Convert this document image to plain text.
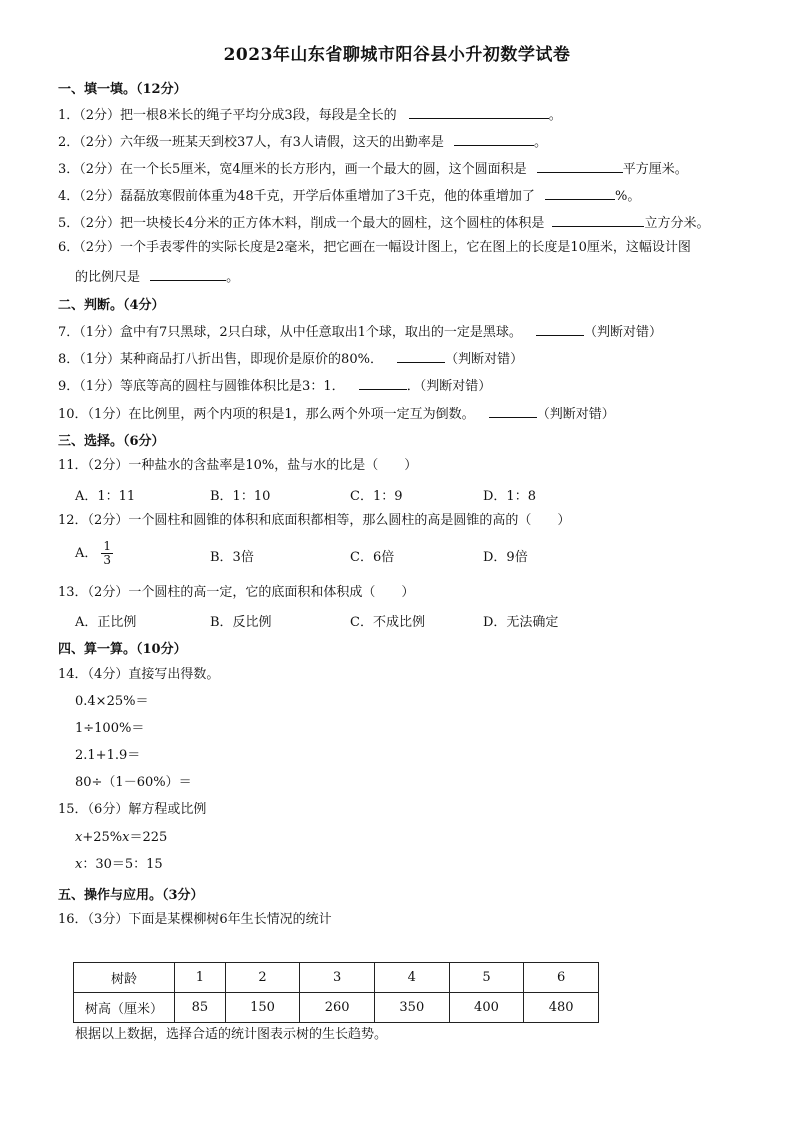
2023年山东省聊城市阳谷县小升初数学试卷
一、填一填。（12分）
1．（2分）把一根8米长的绳子平均分成3段，每段是全长的	。
2．（2分）六年级一班某天到校37人，有3人请假，这天的出勤率是	。
3．（2分）在一个长5厘米，宽4厘米的长方形内，画一个最大的圆，这个圆面积是	平方厘米。
4．（2分）磊磊放寒假前体重为48千克，开学后体重增加了3千克，他的体重增加了	%。
5．（2分）把一块棱长4分米的正方体木料，削成一个最大的圆柱，这个圆柱的体积是	立方分米。
6．（2分）一个手表零件的实际长度是2毫米，把它画在一幅设计图上，它在图上的长度是10厘米，这幅设计图
的比例尺是	。
二、判断。（4分）
7．（1分）盒中有7只黑球，2只白球，从中任意取出1个球，取出的一定是黑球。	（判断对错）
8．（1分）某种商品打八折出售，即现价是原价的80%．	（判断对错）
9．（1分）等底等高的圆柱与圆锥体积比是3：1．	．（判断对错）
10．（1分）在比例里，两个内项的积是1，那么两个外项一定互为倒数。	（判断对错）
三、选择。（6分）
11．（2分）一种盐水的含盐率是10%，盐与水的比是（　　）
A．1：11	B．1：10	C．1：9	D．1：8
12．（2分）一个圆柱和圆锥的体积和底面积都相等，那么圆柱的高是圆锥的高的（　　）
A． $\frac{1}{3}$	B．3倍	C．6倍	D．9倍
13．（2分）一个圆柱的高一定，它的底面积和体积成（　　）
A．正比例	B．反比例	C．不成比例	D．无法确定
四、算一算。（10分）
14．（4分）直接写出得数。
0.4×25%＝
1÷100%＝
2.1+1.9＝
80÷（1－60%）＝
15．（6分）解方程或比例
x+25%x＝225
x：30＝5：15
五、操作与应用。（3分）
16．（3分）下面是某棵柳树6年生长情况的统计
树龄	1	2	3	4	5	6
树高（厘米）	85	150	260	350	400	480
根据以上数据，选择合适的统计图表示树的生长趋势。
